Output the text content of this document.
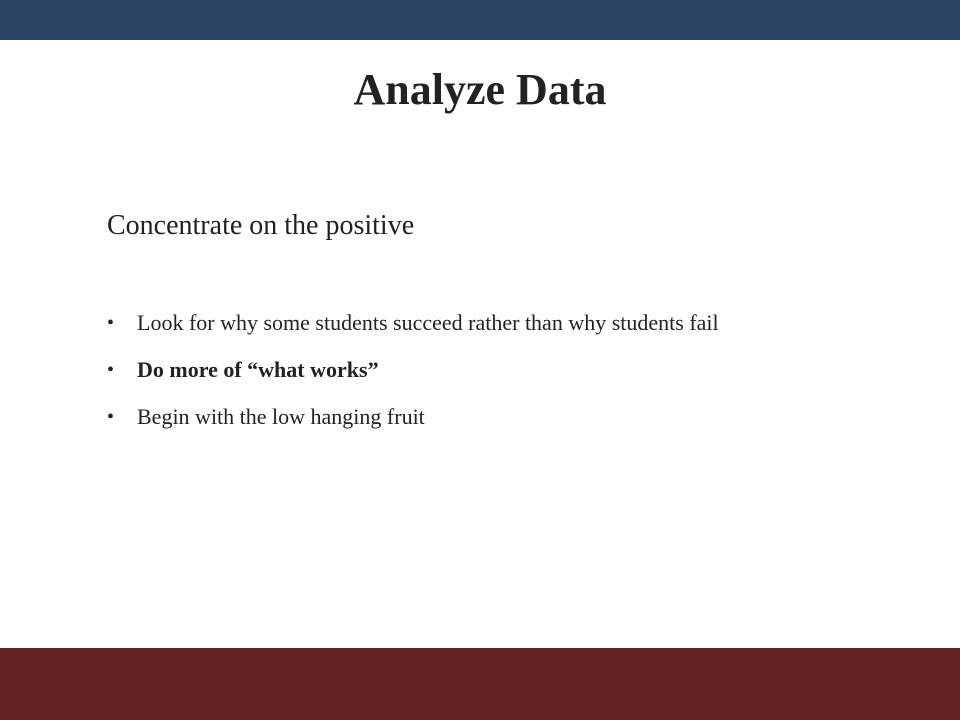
Analyze Data

Concentrate on the positive

• Look for why some students succeed rather than why students fail
• Do more of “what works”
• Begin with the low hanging fruit
